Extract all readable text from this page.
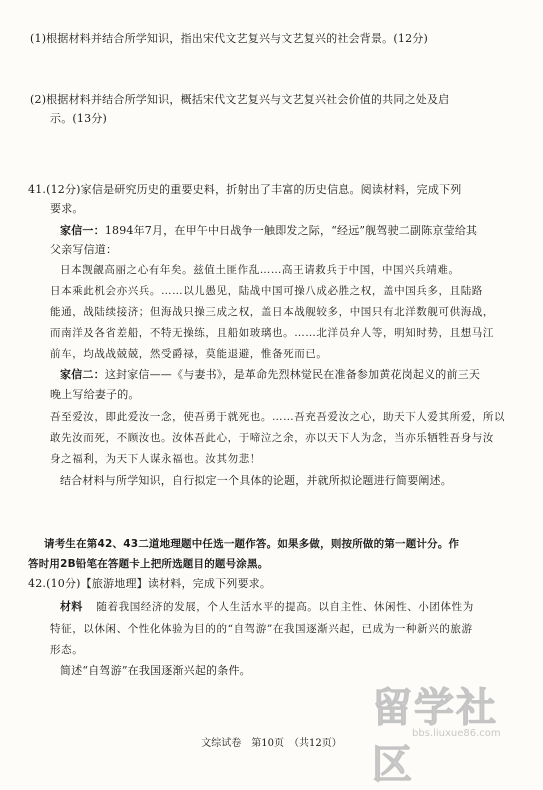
(1)根据材料并结合所学知识，指出宋代文艺复兴与文艺复兴的社会背景。(12分)
(2)根据材料并结合所学知识，概括宋代文艺复兴与文艺复兴社会价值的共同之处及启
示。(13分)
41.(12分)家信是研究历史的重要史料，折射出了丰富的历史信息。阅读材料，完成下列
要求。
家信一：1894年7月，在甲午中日战争一触即发之际，“经远”舰驾驶二副陈京莹给其
父亲写信道：
日本觊觎高丽之心有年矣。兹值土匪作乱……高王请救兵于中国，中国兴兵靖难。
日本乘此机会亦兴兵。……以儿愚见，陆战中国可操八成必胜之权，盖中国兵多，且陆路
能通，战陆续接济；但海战只操三成之权，盖日本战舰较多，中国只有北洋数舰可供海战，
而南洋及各省差船，不特无操练，且船如玻璃也。……北洋员弁人等，明知时势，且想马江
前车，均战战兢兢，然受爵禄，莫能退避，惟备死而已。
家信二：这封家信——《与妻书》，是革命先烈林觉民在准备参加黄花岗起义的前三天
晚上写给妻子的。
吾至爱汝，即此爱汝一念，使吾勇于就死也。……吾充吾爱汝之心，助天下人爱其所爱，所以
敢先汝而死，不顾汝也。汝体吾此心，于啼泣之余，亦以天下人为念，当亦乐牺牲吾身与汝
身之福利，为天下人谋永福也。汝其勿悲！
结合材料与所学知识，自行拟定一个具体的论题，并就所拟论题进行简要阐述。
请考生在第42、43二道地理题中任选一题作答。如果多做，则按所做的第一题计分。作
答时用2B铅笔在答题卡上把所选题目的题号涂黑。
42.(10分)【旅游地理】读材料，完成下列要求。
材料 随着我国经济的发展，个人生活水平的提高。以自主性、休闲性、小团体性为
特征，以休闲、个性化体验为目的的“自驾游”在我国逐渐兴起，已成为一种新兴的旅游
形态。
简述“自驾游”在我国逐渐兴起的条件。
文综试卷　第10页　（共12页）
留学社区
bbs.liuxue86.com
